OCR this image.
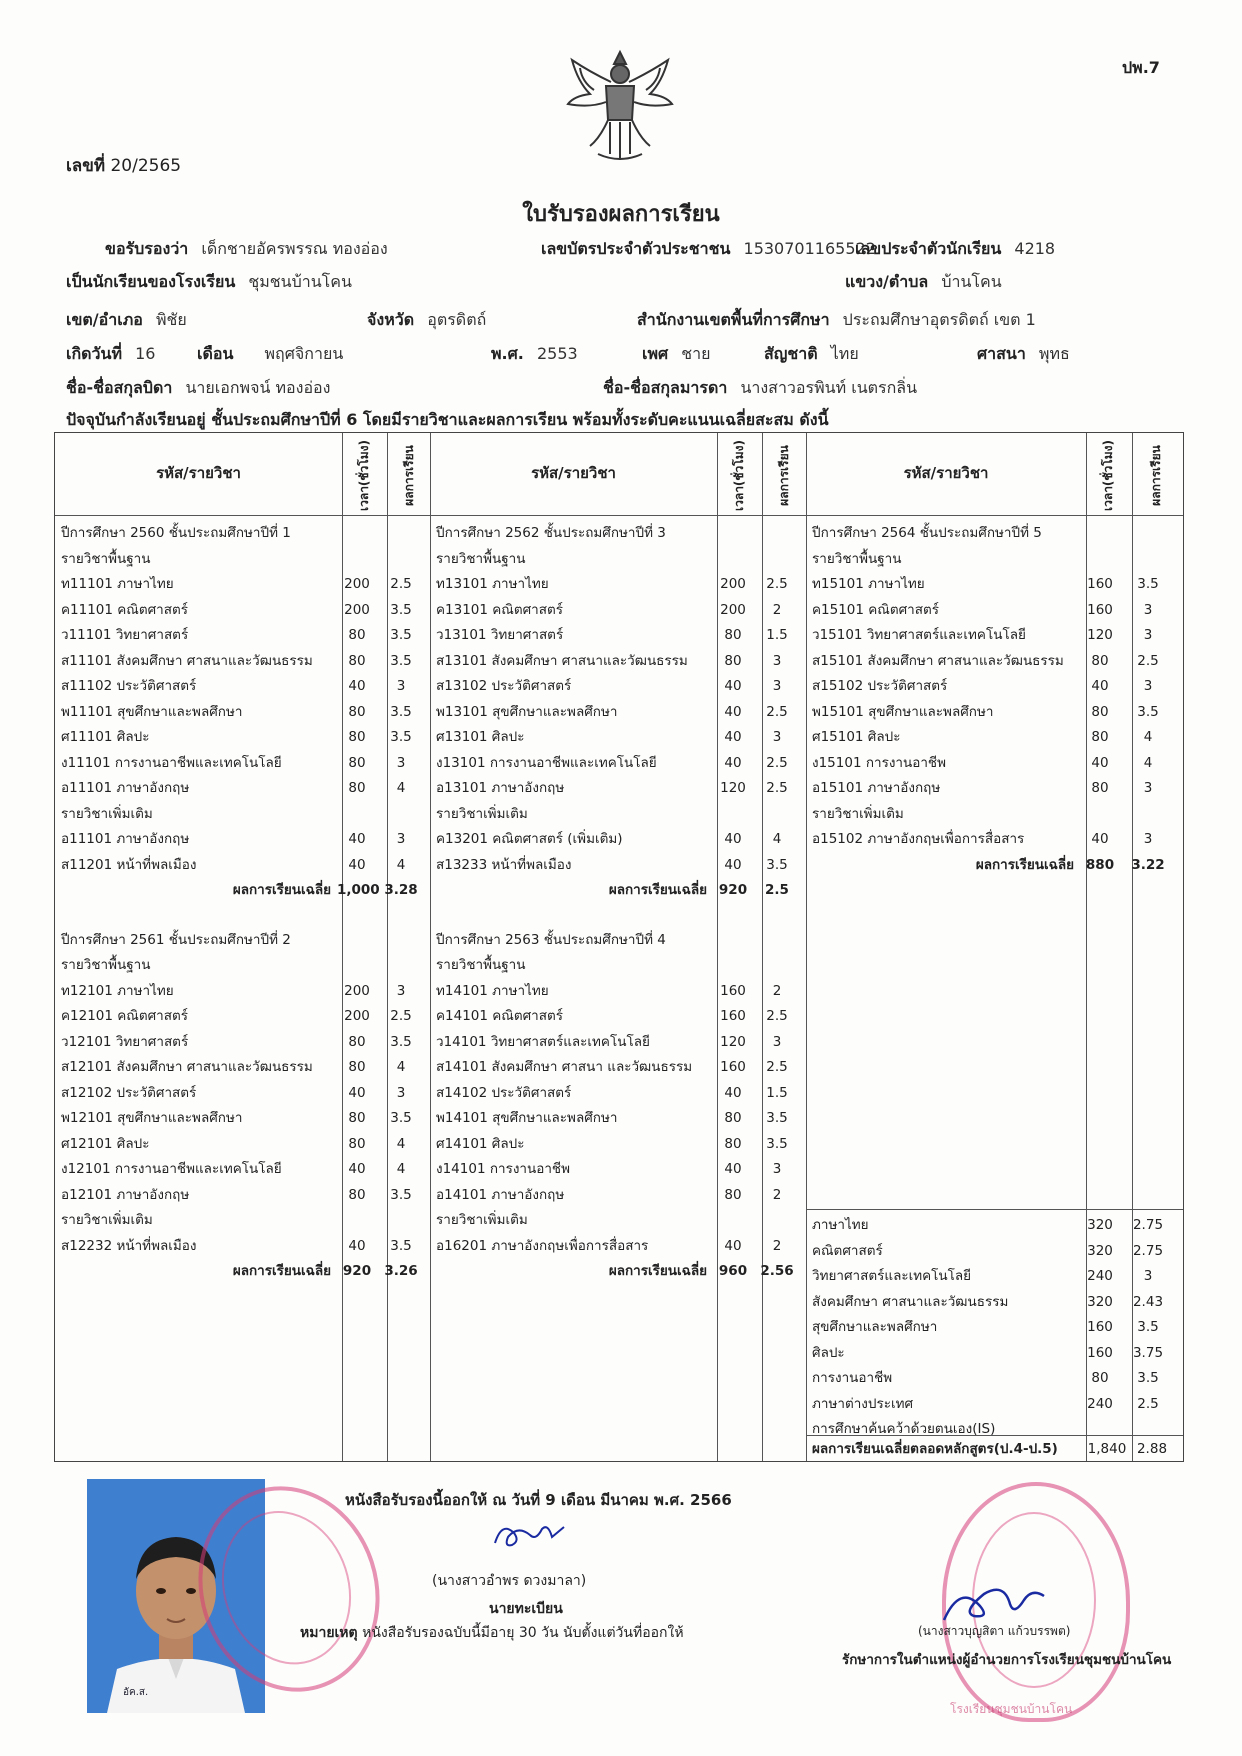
ปพ.7
เลขที่ 20/2565
ใบรับรองผลการเรียน
ขอรับรองว่า เด็กชายอัครพรรณ ทองอ่อง	เลขบัตรประจำตัวประชาชน 1530701165522
เลขประจำตัวนักเรียน 4218
เป็นนักเรียนของโรงเรียน ชุมชนบ้านโคน	แขวง/ตำบล บ้านโคน
เขต/อำเภอ พิชัย	จังหวัด อุตรดิตถ์	สำนักงานเขตพื้นที่การศึกษา ประถมศึกษาอุตรดิตถ์ เขต 1
เกิดวันที่ 16	เดือน พฤศจิกายน	พ.ศ. 2553	เพศ ชาย	สัญชาติ ไทย	ศาสนา พุทธ
ชื่อ-ชื่อสกุลบิดา นายเอกพจน์ ทองอ่อง	ชื่อ-ชื่อสกุลมารดา นางสาวอรพินท์ เนตรกลิ่น
ปัจจุบันกำลังเรียนอยู่ ชั้นประถมศึกษาปีที่ 6 โดยมีรายวิชาและผลการเรียน พร้อมทั้งระดับคะแนนเฉลี่ยสะสม ดังนี้
รหัส/รายวิชา	เวลา(ชั่วโมง)	ผลการเรียน	รหัส/รายวิชา	เวลา(ชั่วโมง)	ผลการเรียน	รหัส/รายวิชา	เวลา(ชั่วโมง)	ผลการเรียน
ปีการศึกษา 2560 ชั้นประถมศึกษาปีที่ 1
รายวิชาพื้นฐาน
ท11101 ภาษาไทย	200	2.5
ค11101 คณิตศาสตร์	200	3.5
ว11101 วิทยาศาสตร์	80	3.5
ส11101 สังคมศึกษา ศาสนาและวัฒนธรรม	80	3.5
ส11102 ประวัติศาสตร์	40	3
พ11101 สุขศึกษาและพลศึกษา	80	3.5
ศ11101 ศิลปะ	80	3.5
ง11101 การงานอาชีพและเทคโนโลยี	80	3
อ11101 ภาษาอังกฤษ	80	4
รายวิชาเพิ่มเติม
อ11101 ภาษาอังกฤษ	40	3
ส11201 หน้าที่พลเมือง	40	4
ผลการเรียนเฉลี่ย 1,000 3.28
ปีการศึกษา 2561 ชั้นประถมศึกษาปีที่ 2
รายวิชาพื้นฐาน
ท12101 ภาษาไทย	200	3
ค12101 คณิตศาสตร์	200	2.5
ว12101 วิทยาศาสตร์	80	3.5
ส12101 สังคมศึกษา ศาสนาและวัฒนธรรม	80	4
ส12102 ประวัติศาสตร์	40	3
พ12101 สุขศึกษาและพลศึกษา	80	3.5
ศ12101 ศิลปะ	80	4
ง12101 การงานอาชีพและเทคโนโลยี	40	4
อ12101 ภาษาอังกฤษ	80	3.5
รายวิชาเพิ่มเติม
ส12232 หน้าที่พลเมือง	40	3.5
ผลการเรียนเฉลี่ย 920 3.26
ปีการศึกษา 2562 ชั้นประถมศึกษาปีที่ 3
รายวิชาพื้นฐาน
ท13101 ภาษาไทย	200	2.5
ค13101 คณิตศาสตร์	200	2
ว13101 วิทยาศาสตร์	80	1.5
ส13101 สังคมศึกษา ศาสนาและวัฒนธรรม	80	3
ส13102 ประวัติศาสตร์	40	3
พ13101 สุขศึกษาและพลศึกษา	40	2.5
ศ13101 ศิลปะ	40	3
ง13101 การงานอาชีพและเทคโนโลยี	40	2.5
อ13101 ภาษาอังกฤษ	120	2.5
รายวิชาเพิ่มเติม
ค13201 คณิตศาสตร์ (เพิ่มเติม)	40	4
ส13233 หน้าที่พลเมือง	40	3.5
ผลการเรียนเฉลี่ย 920	2.5
ปีการศึกษา 2563 ชั้นประถมศึกษาปีที่ 4
รายวิชาพื้นฐาน
ท14101 ภาษาไทย	160	2
ค14101 คณิตศาสตร์	160	2.5
ว14101 วิทยาศาสตร์และเทคโนโลยี	120	3
ส14101 สังคมศึกษา ศาสนา และวัฒนธรรม	160	2.5
ส14102 ประวัติศาสตร์	40	1.5
พ14101 สุขศึกษาและพลศึกษา	80	3.5
ศ14101 ศิลปะ	80	3.5
ง14101 การงานอาชีพ	40	3
อ14101 ภาษาอังกฤษ	80	2
รายวิชาเพิ่มเติม
อ16201 ภาษาอังกฤษเพื่อการสื่อสาร	40	2
ผลการเรียนเฉลี่ย 960 2.56
ปีการศึกษา 2564 ชั้นประถมศึกษาปีที่ 5
รายวิชาพื้นฐาน
ท15101 ภาษาไทย	160	3.5
ค15101 คณิตศาสตร์	160	3
ว15101 วิทยาศาสตร์และเทคโนโลยี	120	3
ส15101 สังคมศึกษา ศาสนาและวัฒนธรรม	80	2.5
ส15102 ประวัติศาสตร์	40	3
พ15101 สุขศึกษาและพลศึกษา	80	3.5
ศ15101 ศิลปะ	80	4
ง15101 การงานอาชีพ	40	4
อ15101 ภาษาอังกฤษ	80	3
รายวิชาเพิ่มเติม
อ15102 ภาษาอังกฤษเพื่อการสื่อสาร	40	3
ผลการเรียนเฉลี่ย 880	3.22
ภาษาไทย	320	2.75
คณิตศาสตร์	320	2.75
วิทยาศาสตร์และเทคโนโลยี	240	3
สังคมศึกษา ศาสนาและวัฒนธรรม	320	2.43
สุขศึกษาและพลศึกษา	160	3.5
ศิลปะ	160	3.75
การงานอาชีพ	80	3.5
ภาษาต่างประเทศ	240	2.5
การศึกษาค้นคว้าด้วยตนเอง(IS)
ผลการเรียนเฉลี่ยตลอดหลักสูตร(ป.4-ป.5) 1,840 2.88
อัค.ส.
โรงเรียนชุมชนบ้านโคน
หนังสือรับรองนี้ออกให้ ณ วันที่ 9 เดือน มีนาคม พ.ศ. 2566
(นางสาวอำพร ดวงมาลา)
นายทะเบียน
หมายเหตุ หนังสือรับรองฉบับนี้มีอายุ 30 วัน นับตั้งแต่วันที่ออกให้	(นางสาวบุญสิตา แก้วบรรพต)
รักษาการในตำแหน่งผู้อำนวยการโรงเรียนชุมชนบ้านโคน
